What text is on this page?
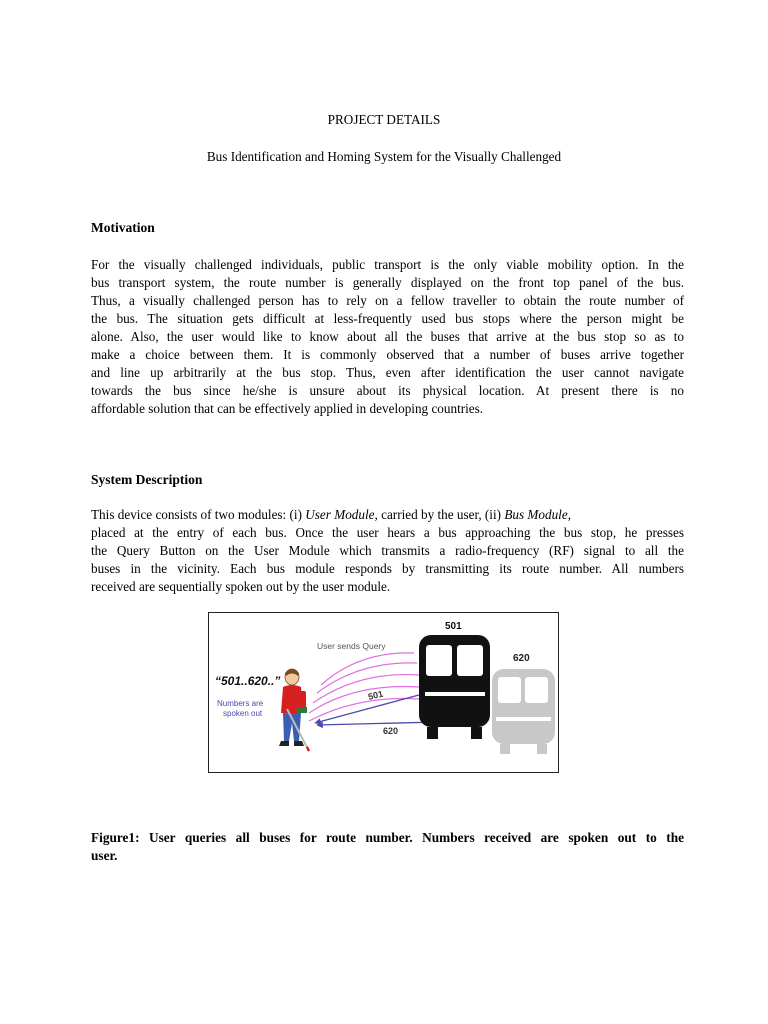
PROJECT DETAILS
Bus Identification and Homing System for the Visually Challenged
Motivation
For the visually challenged individuals, public transport is the only viable mobility option. In the
bus transport system, the route number is generally displayed on the front top panel of the bus.
Thus, a visually challenged person has to rely on a fellow traveller to obtain the route number of
the bus. The situation gets difficult at less-frequently used bus stops where the person might be
alone. Also, the user would like to know about all the buses that arrive at the bus stop so as to
make a choice between them. It is commonly observed that a number of buses arrive together
and line up arbitrarily at the bus stop. Thus, even after identification the user cannot navigate
towards the bus since he/she is unsure about its physical location. At present there is no
affordable solution that can be effectively applied in developing countries.
System Description
This device consists of two modules: (i) User Module, carried by the user, (ii) Bus Module,
placed at the entry of each bus. Once the user hears a bus approaching the bus stop, he presses
the Query Button on the User Module which transmits a radio-frequency (RF) signal to all the
buses in the vicinity. Each bus module responds by transmitting its route number. All numbers
received are sequentially spoken out by the user module.
User sends Query
501
620
620
501
“501..620..”
Numbers are
spoken out
Figure1: User queries all buses for route number. Numbers received are spoken out to the
user.
